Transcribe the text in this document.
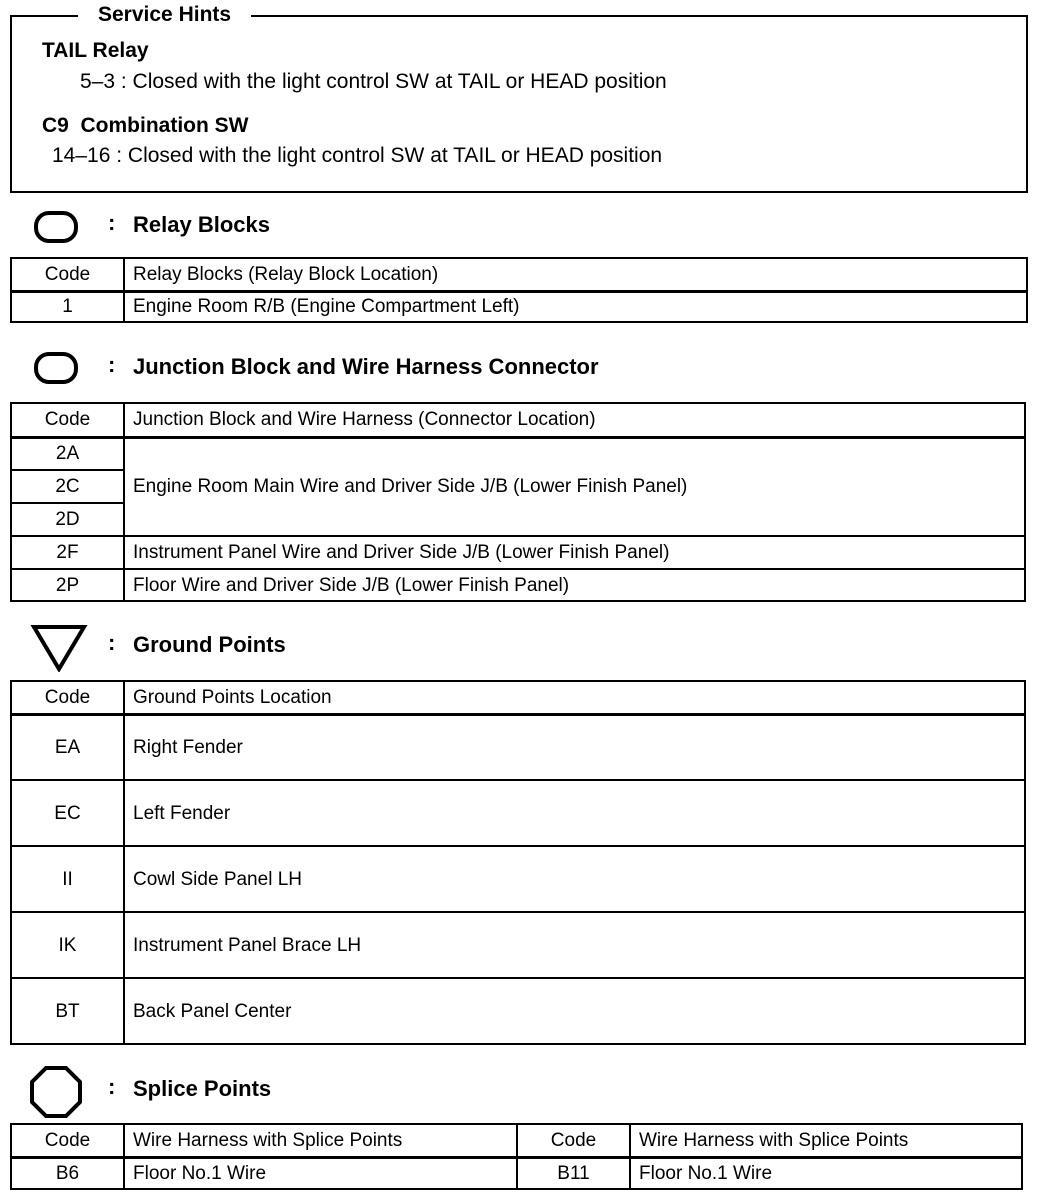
Service Hints
TAIL Relay
5–3 : Closed with the light control SW at TAIL or HEAD position
C9  Combination SW
14–16 : Closed with the light control SW at TAIL or HEAD position
: Relay Blocks
Code	Relay Blocks (Relay Block Location)
1	Engine Room R/B (Engine Compartment Left)
: Junction Block and Wire Harness Connector
Code	Junction Block and Wire Harness (Connector Location)
2A	Engine Room Main Wire and Driver Side J/B (Lower Finish Panel)
2C	
2D	
2F	Instrument Panel Wire and Driver Side J/B (Lower Finish Panel)
2P	Floor Wire and Driver Side J/B (Lower Finish Panel)
: Ground Points
Code	Ground Points Location
EA	Right Fender
EC	Left Fender
II	Cowl Side Panel LH
IK	Instrument Panel Brace LH
BT	Back Panel Center
: Splice Points
Code	Wire Harness with Splice Points	Code	Wire Harness with Splice Points
B6	Floor No.1 Wire	B11	Floor No.1 Wire
